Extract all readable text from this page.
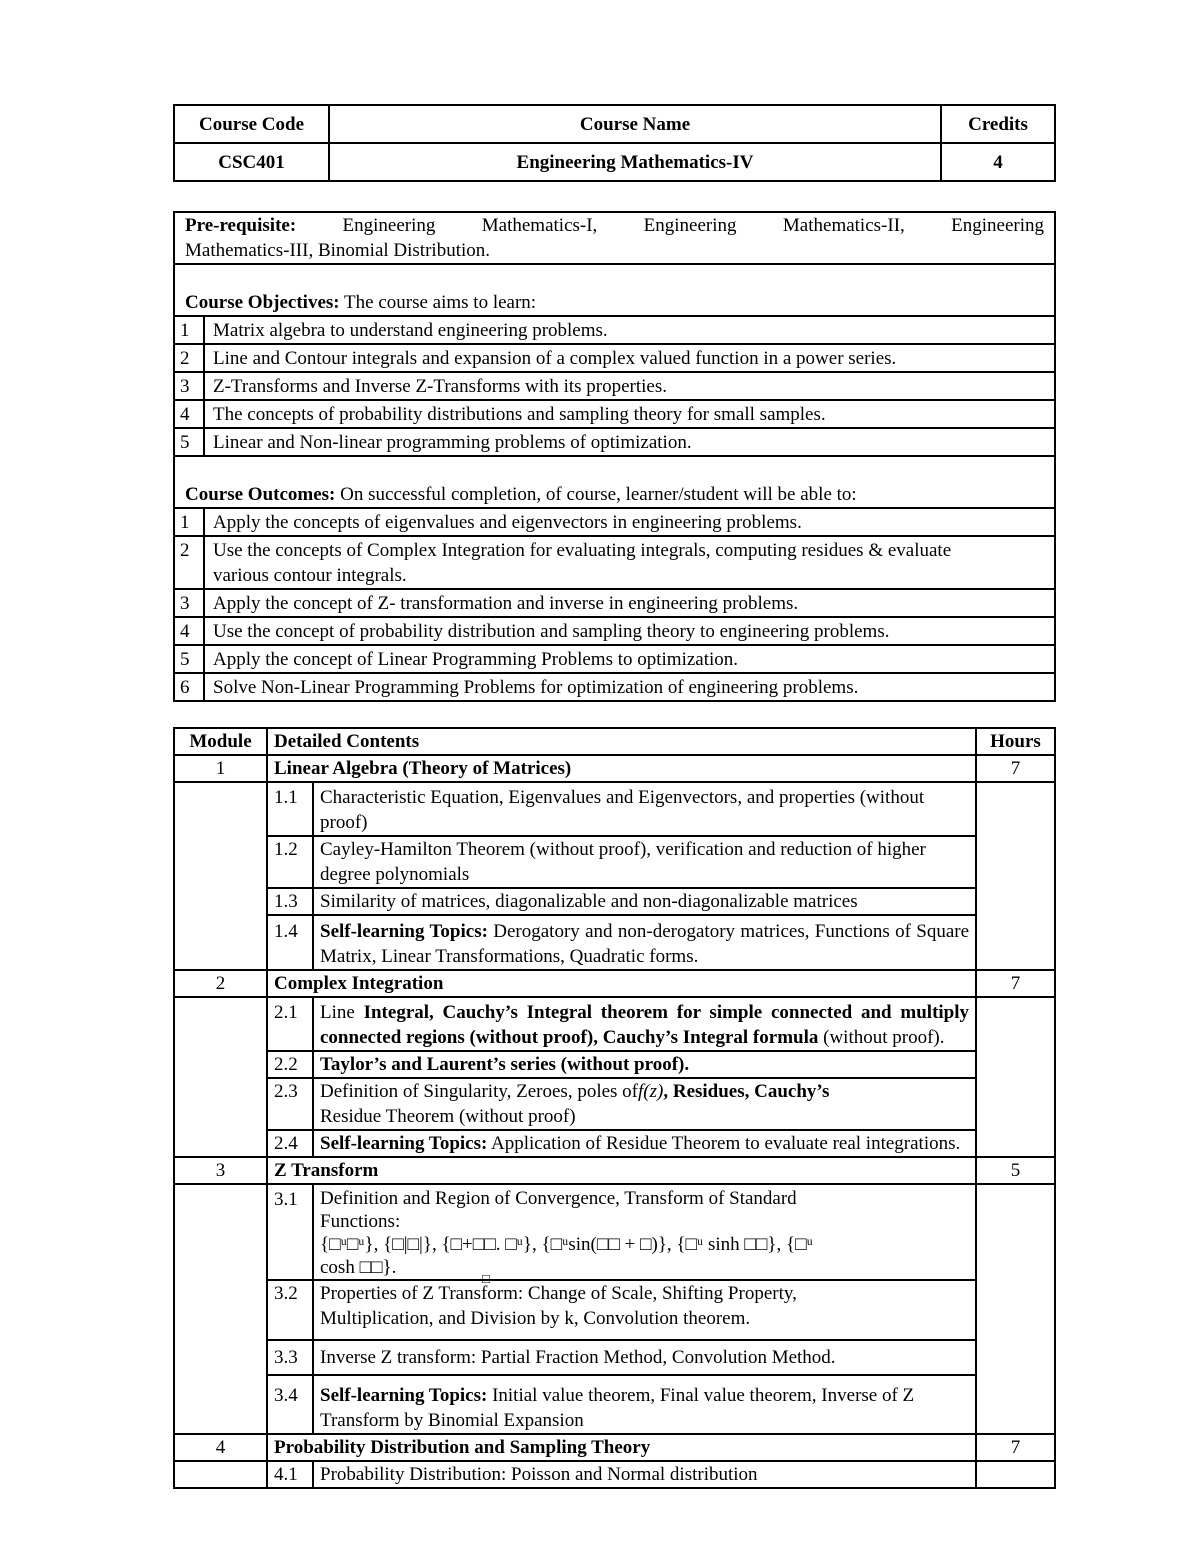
Course Code	Course Name	Credits
CSC401	Engineering Mathematics-IV	4
Pre-requisite: Engineering Mathematics-I, Engineering Mathematics-II, Engineering
Mathematics-III, Binomial Distribution.	

Course Objectives: The course aims to learn:	
1	Matrix algebra to understand engineering problems.
2	Line and Contour integrals and expansion of a complex valued function in a power series.
3	Z-Transforms and Inverse Z-Transforms with its properties.
4	The concepts of probability distributions and sampling theory for small samples.
5	Linear and Non-linear programming problems of optimization.
Course Outcomes: On successful completion, of course, learner/student will be able to:	
1	Apply the concepts of eigenvalues and eigenvectors in engineering problems.
2	Use the concepts of Complex Integration for evaluating integrals, computing residues & evaluate various contour integrals.
3	Apply the concept of Z- transformation and inverse in engineering problems.
4	Use the concept of probability distribution and sampling theory to engineering problems.
5	Apply the concept of Linear Programming Problems to optimization.
6	Solve Non-Linear Programming Problems for optimization of engineering problems.
Module	Detailed Contents		Hours
1	Linear Algebra (Theory of Matrices)		7
	1.1	Characteristic Equation, Eigenvalues and Eigenvectors, and properties (without proof)	
	1.2	Cayley-Hamilton Theorem (without proof), verification and reduction of higher degree polynomials	
	1.3	Similarity of matrices, diagonalizable and non-diagonalizable matrices	
	1.4	Self-learning Topics: Derogatory and non-derogatory matrices, Functions of Square Matrix, Linear Transformations, Quadratic forms.	
2	Complex Integration		7
	2.1	Line Integral, Cauchy’s Integral theorem for simple connected and multiply connected regions (without proof), Cauchy’s Integral formula (without proof).	
	2.2	Taylor’s and Laurent’s series (without proof).	
	2.3	Definition of Singularity, Zeroes, poles off(z), Residues, Cauchy’s
Residue Theorem (without proof)	
	2.4	Self-learning Topics: Application of Residue Theorem to evaluate real integrations.	
3	Z Transform		5
	3.1	Definition and Region of Convergence, Transform of Standard Functions:
{□ᵘ□ᵘ}, {□|□|}, {□+□□. □ᵘ}, {□ᵘsin(□□ + □)}, {□ᵘ sinh □□}, {□ᵘ
cosh □□}.
□	

	3.2	Properties of Z Transform: Change of Scale, Shifting Property, Multiplication, and Division by k, Convolution theorem.	
	3.3	Inverse Z transform: Partial Fraction Method, Convolution Method.	
	3.4	Self-learning Topics: Initial value theorem, Final value theorem, Inverse of Z Transform by Binomial Expansion	
4	Probability Distribution and Sampling Theory		7
	4.1	Probability Distribution: Poisson and Normal distribution	
